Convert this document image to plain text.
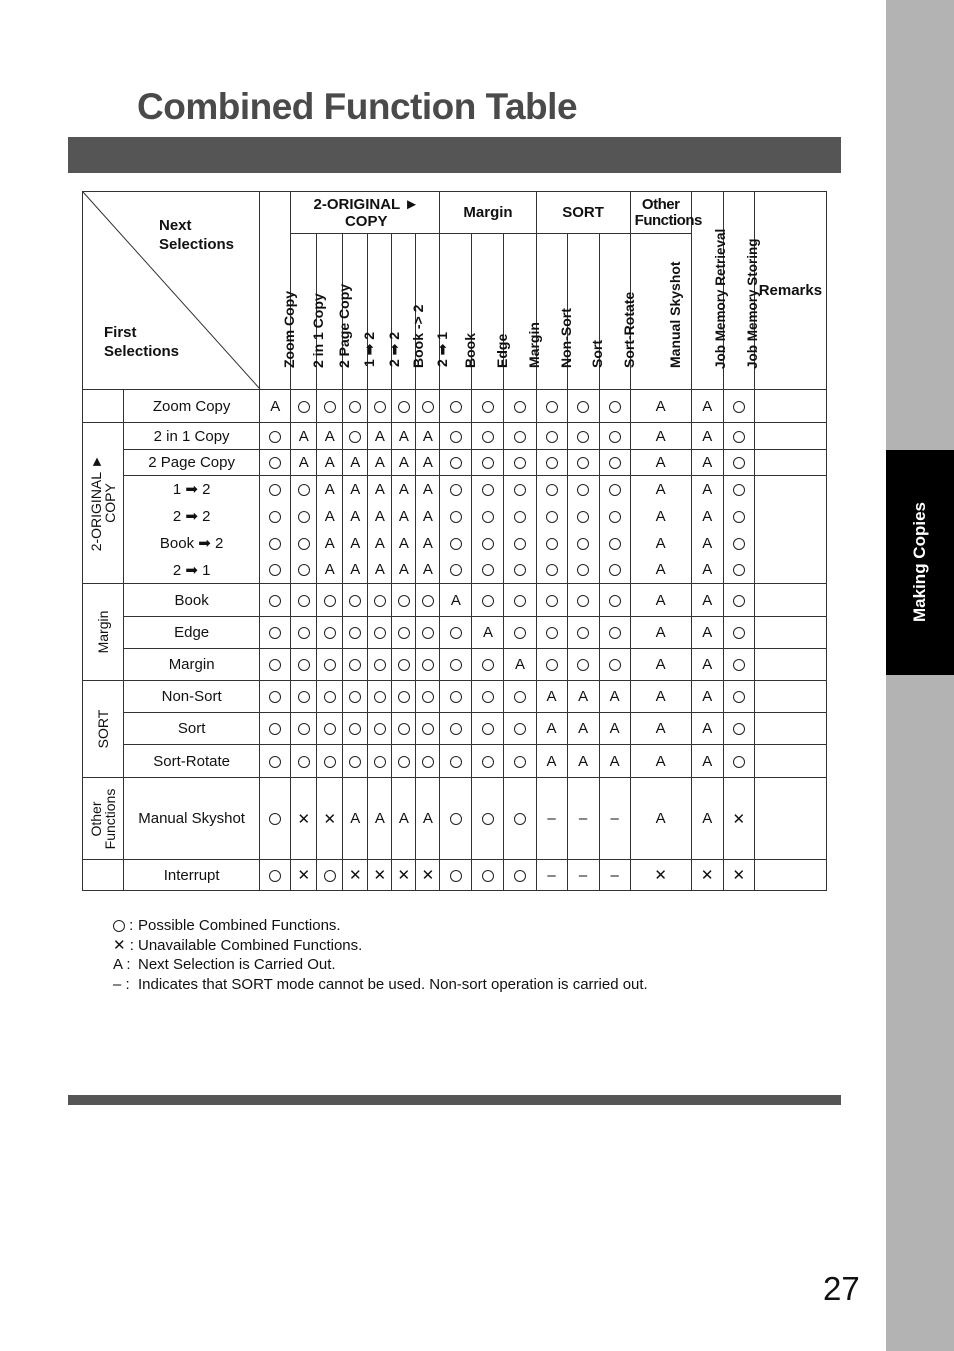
Making Copies
Combined Function Table
Next Selections
First Selections		Zoom Copy	2-ORIGINAL ► COPY						Margin			SORT			Other Functions	Job Memory Retrieval	Job Memory Storing	Remarks

			2 in 1 Copy	2 Page Copy	1 ➡ 2	2 ➡ 2	Book -> 2	2 ➡ 1	Book	Edge	Margin	Non-Sort	Sort	Sort-Rotate	Manual Skyshot			

	Zoom Copy	A													A	A		

2-ORIGINAL ► COPY	2 in 1 Copy		A	A		A	A	A							A	A		
	2 Page Copy		A	A	A	A	A	A							A	A		
	1 ➡ 2			A	A	A	A	A							A	A		
	2 ➡ 2			A	A	A	A	A							A	A		
	Book ➡ 2			A	A	A	A	A							A	A		
	2 ➡ 1			A	A	A	A	A							A	A		

Margin	Book								A						A	A		
	Edge									A					A	A		
	Margin										A				A	A		

SORT	Non-Sort											A	A	A	A	A		
	Sort											A	A	A	A	A		
	Sort-Rotate											A	A	A	A	A		

Other Functions	Manual Skyshot		✕	✕	A	A	A	A				–	–	–	A	A	✕	
	Interrupt		✕		✕	✕	✕	✕				–	–	–	✕	✕	✕	
: Possible Combined Functions.
✕ : Unavailable Combined Functions.
A : Next Selection is Carried Out.
– : Indicates that SORT mode cannot be used. Non-sort operation is carried out.
27
